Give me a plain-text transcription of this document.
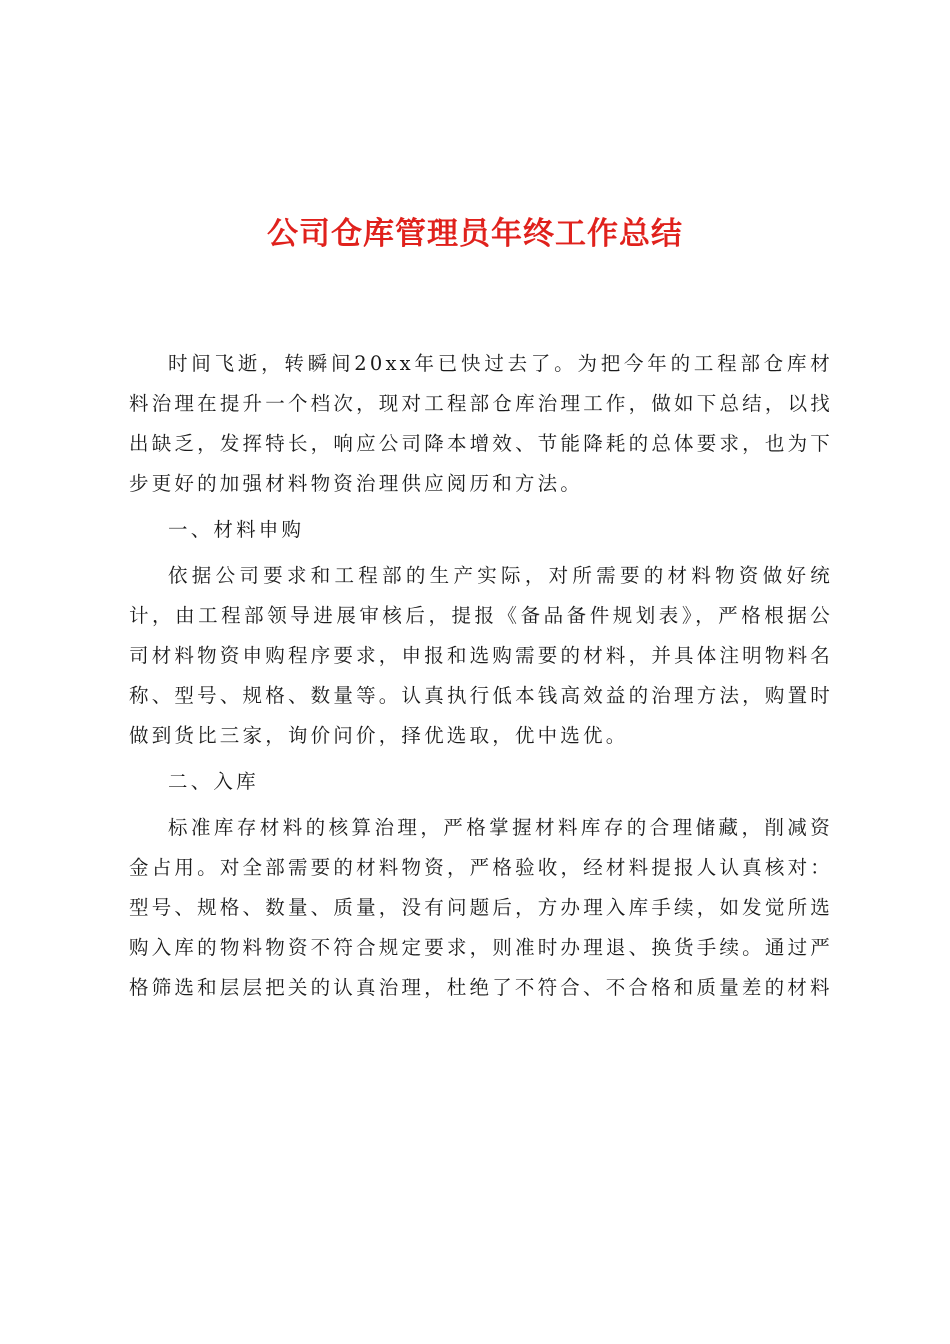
公司仓库管理员年终工作总结

时间飞逝，转瞬间20xx年已快过去了。为把今年的工程部仓库材料治理在提升一个档次，现对工程部仓库治理工作，做如下总结，以找出缺乏，发挥特长，响应公司降本增效、节能降耗的总体要求，也为下步更好的加强材料物资治理供应阅历和方法。

一、材料申购

依据公司要求和工程部的生产实际，对所需要的材料物资做好统计，由工程部领导进展审核后，提报《备品备件规划表》，严格根据公司材料物资申购程序要求，申报和选购需要的材料，并具体注明物料名称、型号、规格、数量等。认真执行低本钱高效益的治理方法，购置时做到货比三家，询价问价，择优选取，优中选优。

二、入库

标准库存材料的核算治理，严格掌握材料库存的合理储藏，削减资金占用。对全部需要的材料物资，严格验收，经材料提报人认真核对：型号、规格、数量、质量，没有问题后，方办理入库手续，如发觉所选购入库的物料物资不符合规定要求，则准时办理退、换货手续。通过严格筛选和层层把关的认真治理，杜绝了不符合、不合格和质量差的材料
